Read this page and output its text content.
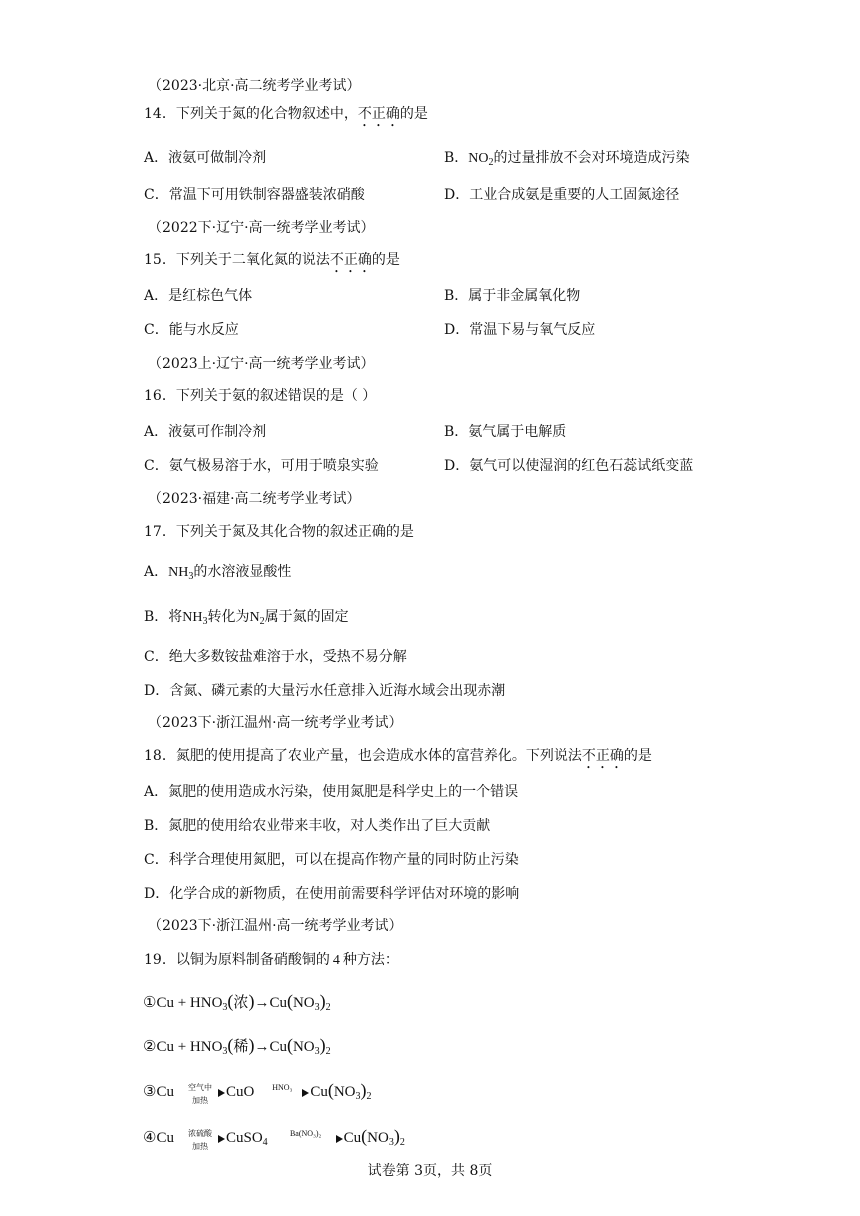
（2023·北京·高二统考学业考试）
14．下列关于氮的化合物叙述中，不正确的是
A．液氨可做制冷剂	B．$NO_2$的过量排放不会对环境造成污染
C．常温下可用铁制容器盛装浓硝酸	D．工业合成氨是重要的人工固氮途径
（2022下·辽宁·高一统考学业考试）
15．下列关于二氧化氮的说法不正确的是
A．是红棕色气体	B．属于非金属氧化物
C．能与水反应	D．常温下易与氧气反应
（2023上·辽宁·高一统考学业考试）
16．下列关于氨的叙述错误的是（ ）
A．液氨可作制冷剂	B．氨气属于电解质
C．氨气极易溶于水，可用于喷泉实验	D．氨气可以使湿润的红色石蕊试纸变蓝
（2023·福建·高二统考学业考试）
17．下列关于氮及其化合物的叙述正确的是
A．$NH_3$的水溶液显酸性
B．将$NH_3$转化为$N_2$属于氮的固定
C．绝大多数铵盐难溶于水，受热不易分解
D．含氮、磷元素的大量污水任意排入近海水域会出现赤潮
（2023下·浙江温州·高一统考学业考试）
18．氮肥的使用提高了农业产量，也会造成水体的富营养化。下列说法不正确的是
A．氮肥的使用造成水污染，使用氮肥是科学史上的一个错误
B．氮肥的使用给农业带来丰收，对人类作出了巨大贡献
C．科学合理使用氮肥，可以在提高作物产量的同时防止污染
D．化学合成的新物质，在使用前需要科学评估对环境的影响
（2023下·浙江温州·高一统考学业考试）
19．以铜为原料制备硝酸铜的 4 种方法：
①Cu + $HNO_3$(浓)$\to Cu(NO_3)_2$
②Cu + $HNO_3$(稀)$\to Cu(NO_3)_2$
③Cu	空气中
加热
CuO	HNO₃	$Cu(NO_3)_2$
④Cu	浓硫酸
加热
CuSO$_4$
Ba(NO₃)₂	$Cu(NO_3)_2$
试卷第 3页，共 8页
